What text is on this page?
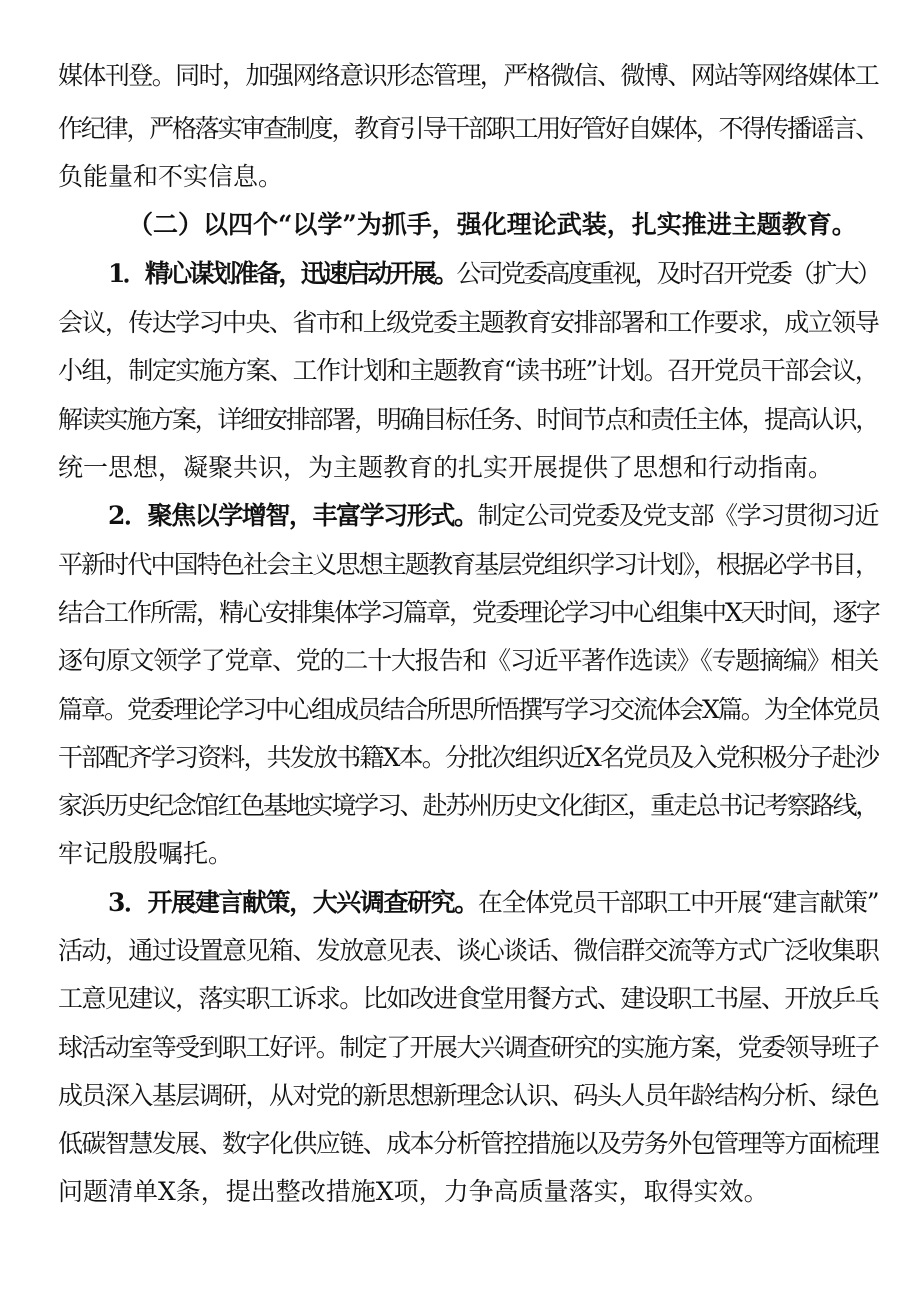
媒体刊登。同时，加强网络意识形态管理，严格微信、微博、网站等网络媒体工
作纪律，严格落实审查制度，教育引导干部职工用好管好自媒体，不得传播谣言、
负能量和不实信息。
（二）以四个“以学”为抓手，强化理论武装，扎实推进主题教育。
1．精心谋划准备，迅速启动开展。公司党委高度重视，及时召开党委（扩大）
会议，传达学习中央、省市和上级党委主题教育安排部署和工作要求，成立领导
小组，制定实施方案、工作计划和主题教育“读书班”计划。召开党员干部会议，
解读实施方案，详细安排部署，明确目标任务、时间节点和责任主体，提高认识，
统一思想，凝聚共识，为主题教育的扎实开展提供了思想和行动指南。
2．聚焦以学增智，丰富学习形式。制定公司党委及党支部《学习贯彻习近
平新时代中国特色社会主义思想主题教育基层党组织学习计划》，根据必学书目，
结合工作所需，精心安排集体学习篇章，党委理论学习中心组集中X天时间，逐字
逐句原文领学了党章、党的二十大报告和《习近平著作选读》《专题摘编》相关
篇章。党委理论学习中心组成员结合所思所悟撰写学习交流体会X篇。为全体党员
干部配齐学习资料，共发放书籍X本。分批次组织近X名党员及入党积极分子赴沙
家浜历史纪念馆红色基地实境学习、赴苏州历史文化街区，重走总书记考察路线，
牢记殷殷嘱托。
3．开展建言献策，大兴调查研究。在全体党员干部职工中开展“建言献策”
活动，通过设置意见箱、发放意见表、谈心谈话、微信群交流等方式广泛收集职
工意见建议，落实职工诉求。比如改进食堂用餐方式、建设职工书屋、开放乒乓
球活动室等受到职工好评。制定了开展大兴调查研究的实施方案，党委领导班子
成员深入基层调研，从对党的新思想新理念认识、码头人员年龄结构分析、绿色
低碳智慧发展、数字化供应链、成本分析管控措施以及劳务外包管理等方面梳理
问题清单X条，提出整改措施X项，力争高质量落实，取得实效。
